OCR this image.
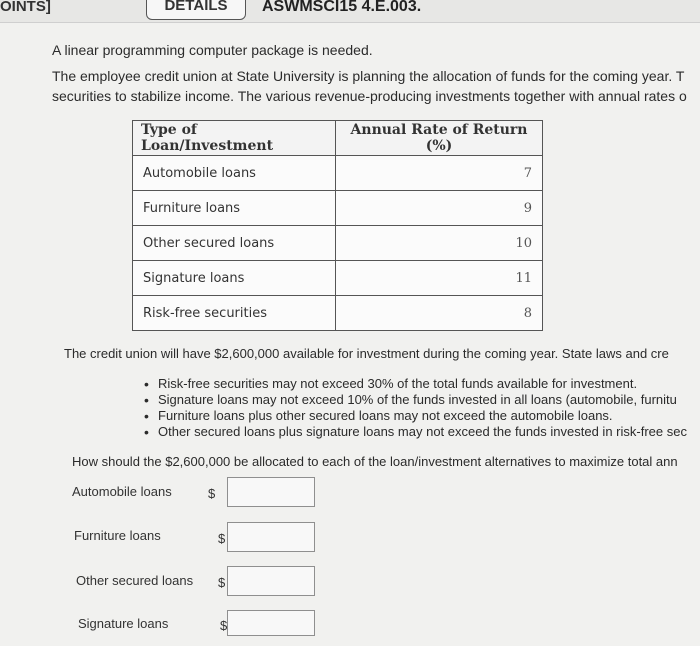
OINTS]	DETAILS	ASWMSCI15 4.E.003.
A linear programming computer package is needed.
The employee credit union at State University is planning the allocation of funds for the coming year. T
securities to stabilize income. The various revenue-producing investments together with annual rates o
Type of Loan/Investment	Annual Rate of Return (%)
Automobile loans	7
Furniture loans	9
Other secured loans	10
Signature loans	11
Risk-free securities	8
The credit union will have $2,600,000 available for investment during the coming year. State laws and cre
• Risk-free securities may not exceed 30% of the total funds available for investment.
• Signature loans may not exceed 10% of the funds invested in all loans (automobile, furnitu
• Furniture loans plus other secured loans may not exceed the automobile loans.
• Other secured loans plus signature loans may not exceed the funds invested in risk-free sec
How should the $2,600,000 be allocated to each of the loan/investment alternatives to maximize total ann
Automobile loans	$
Furniture loans	$
Other secured loans $
Signature loans	$
